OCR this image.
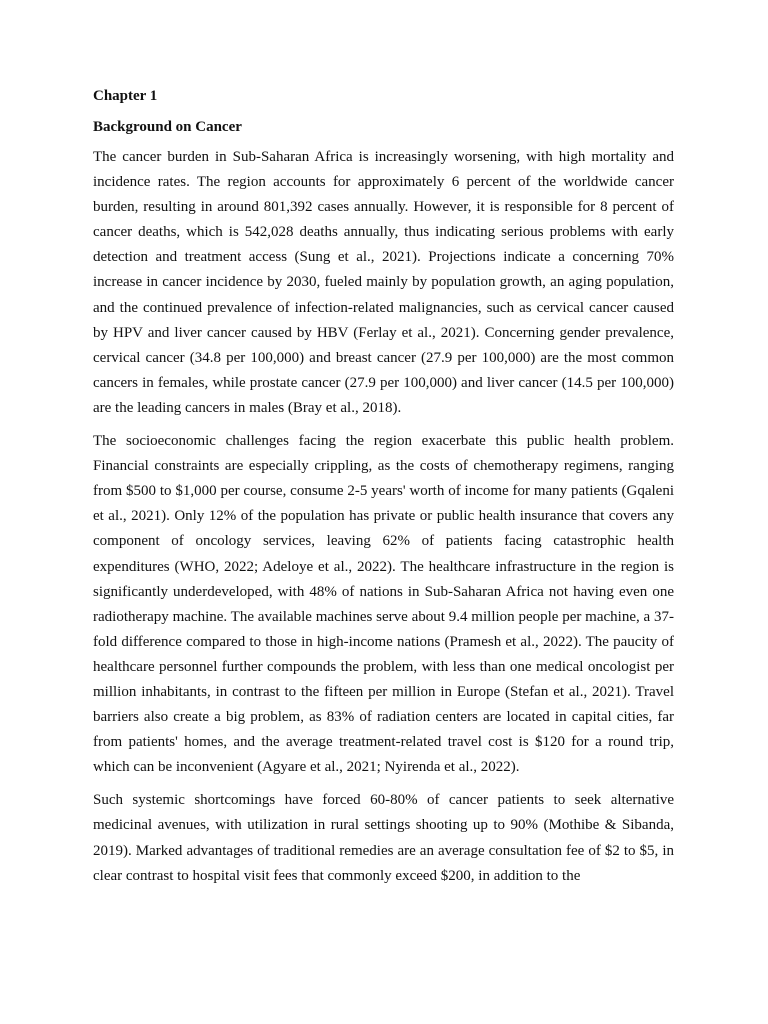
Chapter 1
Background on Cancer

The cancer burden in Sub-Saharan Africa is increasingly worsening, with high mortality and incidence rates. The region accounts for approximately 6 percent of the worldwide cancer burden, resulting in around 801,392 cases annually. However, it is responsible for 8 percent of cancer deaths, which is 542,028 deaths annually, thus indicating serious problems with early detection and treatment access (Sung et al., 2021). Projections indicate a concerning 70% increase in cancer incidence by 2030, fueled mainly by population growth, an aging population, and the continued prevalence of infection-related malignancies, such as cervical cancer caused by HPV and liver cancer caused by HBV (Ferlay et al., 2021). Concerning gender prevalence, cervical cancer (34.8 per 100,000) and breast cancer (27.9 per 100,000) are the most common cancers in females, while prostate cancer (27.9 per 100,000) and liver cancer (14.5 per 100,000) are the leading cancers in males (Bray et al., 2018).

The socioeconomic challenges facing the region exacerbate this public health problem. Financial constraints are especially crippling, as the costs of chemotherapy regimens, ranging from $500 to $1,000 per course, consume 2-5 years' worth of income for many patients (Gqaleni et al., 2021). Only 12% of the population has private or public health insurance that covers any component of oncology services, leaving 62% of patients facing catastrophic health expenditures (WHO, 2022; Adeloye et al., 2022). The healthcare infrastructure in the region is significantly underdeveloped, with 48% of nations in Sub-Saharan Africa not having even one radiotherapy machine. The available machines serve about 9.4 million people per machine, a 37-fold difference compared to those in high-income nations (Pramesh et al., 2022). The paucity of healthcare personnel further compounds the problem, with less than one medical oncologist per million inhabitants, in contrast to the fifteen per million in Europe (Stefan et al., 2021). Travel barriers also create a big problem, as 83% of radiation centers are located in capital cities, far from patients' homes, and the average treatment-related travel cost is $120 for a round trip, which can be inconvenient (Agyare et al., 2021; Nyirenda et al., 2022).

Such systemic shortcomings have forced 60-80% of cancer patients to seek alternative medicinal avenues, with utilization in rural settings shooting up to 90% (Mothibe & Sibanda, 2019). Marked advantages of traditional remedies are an average consultation fee of $2 to $5, in clear contrast to hospital visit fees that commonly exceed $200, in addition to the
